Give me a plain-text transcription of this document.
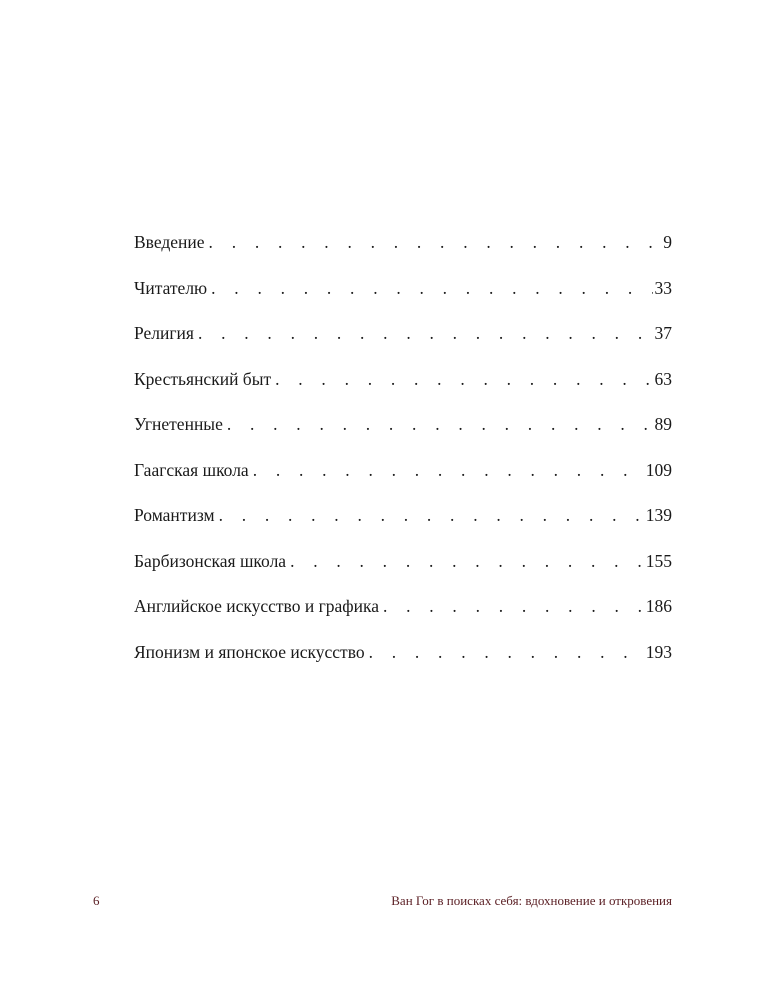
Введение . . .	9
Читателю . . .	33
Религия . . .	37
Крестьянский быт . . .	63
Угнетенные . . .	89
Гаагская школа . . .	109
Романтизм . . .	139
Барбизонская школа . . .	155
Английское искусство и графика . . .	186
Японизм и японское искусство . . .	193
6	Ван Гог в поисках себя: вдохновение и откровения
